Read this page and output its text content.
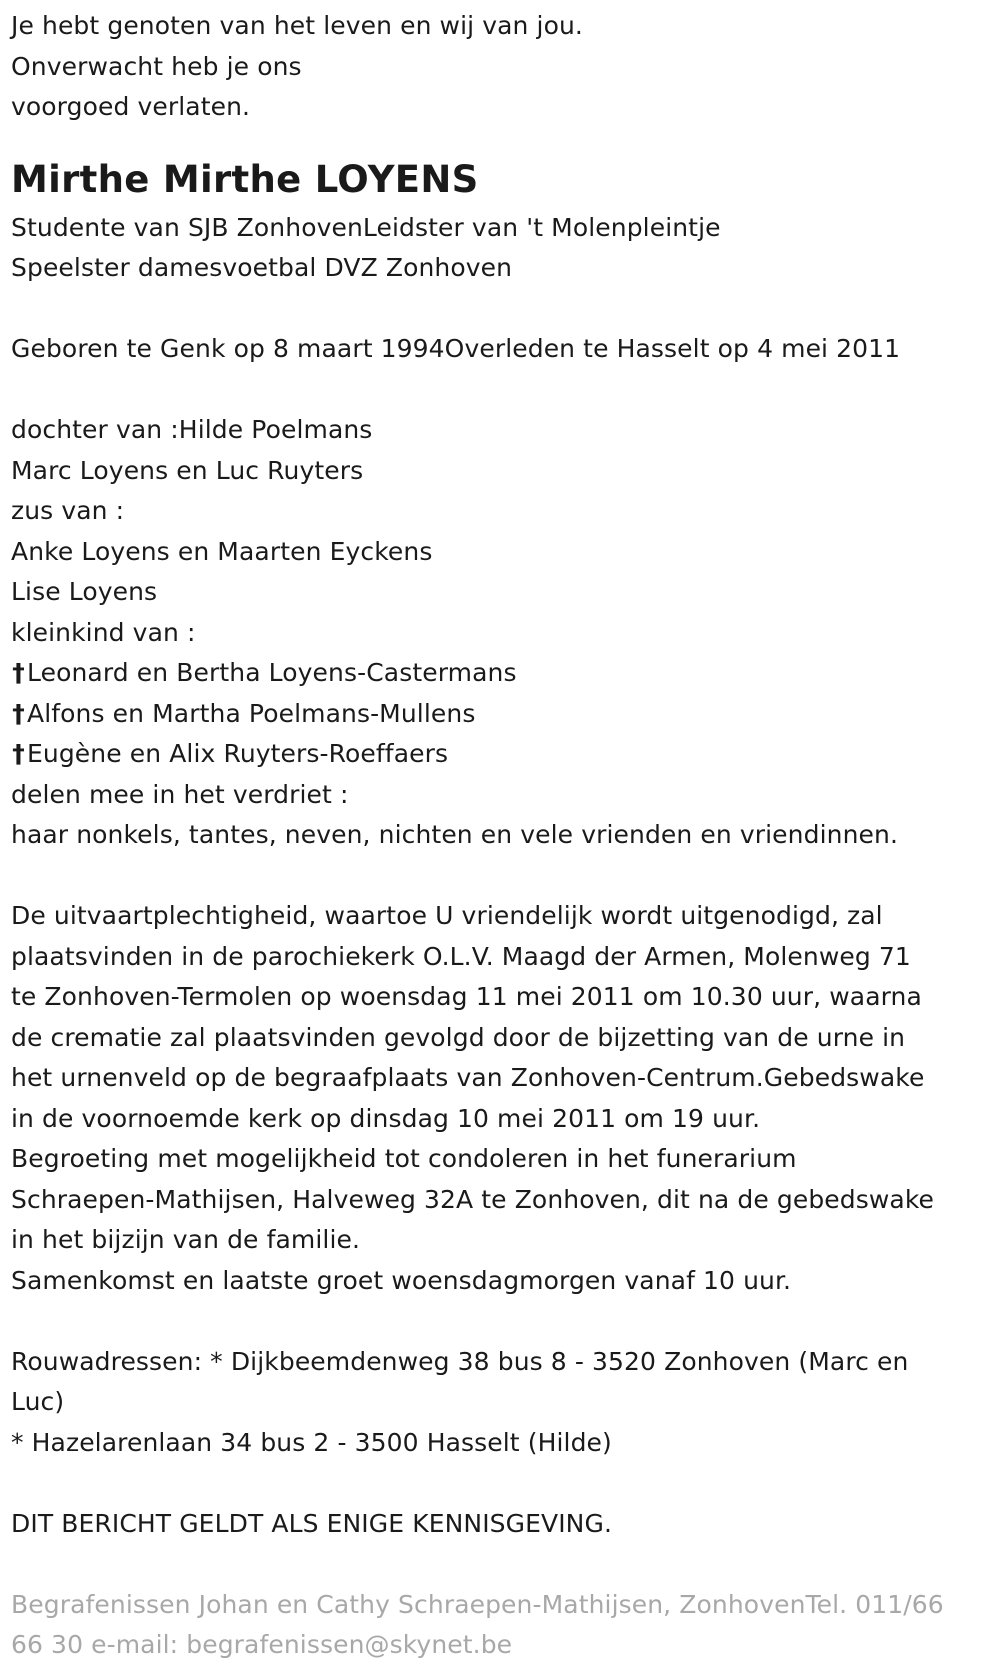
Je hebt genoten van het leven en wij van jou.
Onverwacht heb je ons
voorgoed verlaten.
Mirthe Mirthe LOYENS
Studente van SJB ZonhovenLeidster van 't Molenpleintje
Speelster damesvoetbal DVZ Zonhoven
Geboren te Genk op 8 maart 1994Overleden te Hasselt op 4 mei 2011
dochter van :Hilde Poelmans
Marc Loyens en Luc Ruyters
zus van :
Anke Loyens en Maarten Eyckens
Lise Loyens
kleinkind van :
†Leonard en Bertha Loyens-Castermans
†Alfons en Martha Poelmans-Mullens
†Eugène en Alix Ruyters-Roeffaers
delen mee in het verdriet :
haar nonkels, tantes, neven, nichten en vele vrienden en vriendinnen.
De uitvaartplechtigheid, waartoe U vriendelijk wordt uitgenodigd, zal
plaatsvinden in de parochiekerk O.L.V. Maagd der Armen, Molenweg 71
te Zonhoven-Termolen op woensdag 11 mei 2011 om 10.30 uur, waarna
de crematie zal plaatsvinden gevolgd door de bijzetting van de urne in
het urnenveld op de begraafplaats van Zonhoven-Centrum.Gebedswake
in de voornoemde kerk op dinsdag 10 mei 2011 om 19 uur.
Begroeting met mogelijkheid tot condoleren in het funerarium
Schraepen-Mathijsen, Halveweg 32A te Zonhoven, dit na de gebedswake
in het bijzijn van de familie.
Samenkomst en laatste groet woensdagmorgen vanaf 10 uur.
Rouwadressen: * Dijkbeemdenweg 38 bus 8 - 3520 Zonhoven (Marc en
Luc)
* Hazelarenlaan 34 bus 2 - 3500 Hasselt (Hilde)
DIT BERICHT GELDT ALS ENIGE KENNISGEVING.
Begrafenissen Johan en Cathy Schraepen-Mathijsen, ZonhovenTel. 011/66
66 30 e-mail: begrafenissen@skynet.be
